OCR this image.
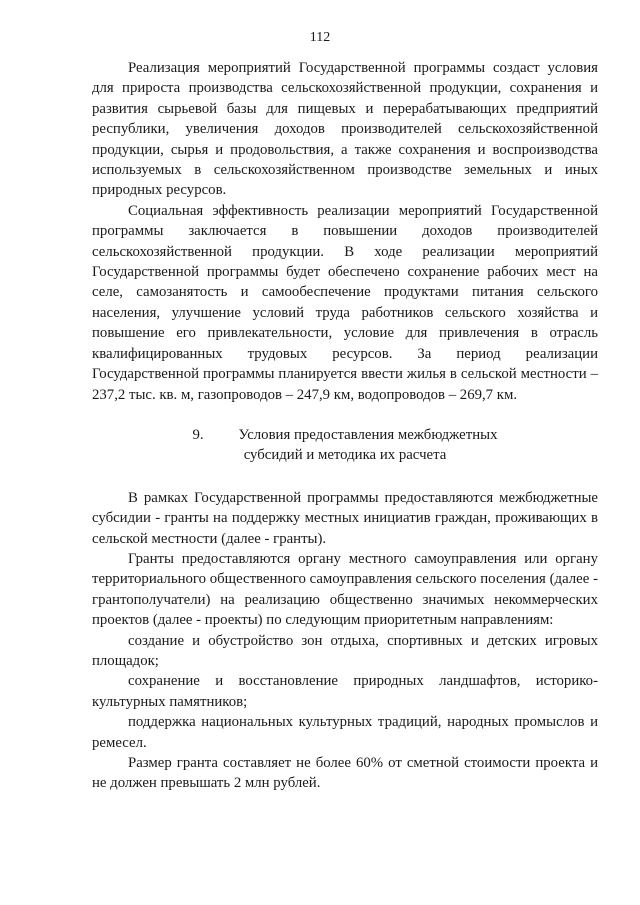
112

Реализация мероприятий Государственной программы создаст условия для прироста производства сельскохозяйственной продукции, сохранения и развития сырьевой базы для пищевых и перерабатывающих предприятий республики, увеличения доходов производителей сельскохозяйственной продукции, сырья и продовольствия, а также сохранения и воспроизводства используемых в сельскохозяйственном производстве земельных и иных природных ресурсов.

Социальная эффективность реализации мероприятий Государственной программы заключается в повышении доходов производителей сельскохозяйственной продукции. В ходе реализации мероприятий Государственной программы будет обеспечено сохранение рабочих мест на селе, самозанятость и самообеспечение продуктами питания сельского населения, улучшение условий труда работников сельского хозяйства и повышение его привлекательности, условие для привлечения в отрасль квалифицированных трудовых ресурсов. За период реализации Государственной программы планируется ввести жилья в сельской местности – 237,2 тыс. кв. м, газопроводов – 247,9 км, водопроводов – 269,7 км.

9. Условия предоставления межбюджетных
субсидий и методика их расчета

В рамках Государственной программы предоставляются межбюджетные субсидии - гранты на поддержку местных инициатив граждан, проживающих в сельской местности (далее - гранты).

Гранты предоставляются органу местного самоуправления или органу территориального общественного самоуправления сельского поселения (далее - грантополучатели) на реализацию общественно значимых некоммерческих проектов (далее - проекты) по следующим приоритетным направлениям:

создание и обустройство зон отдыха, спортивных и детских игровых площадок;

сохранение и восстановление природных ландшафтов, историко-культурных памятников;

поддержка национальных культурных традиций, народных промыслов и ремесел.

Размер гранта составляет не более 60% от сметной стоимости проекта и не должен превышать 2 млн рублей.
